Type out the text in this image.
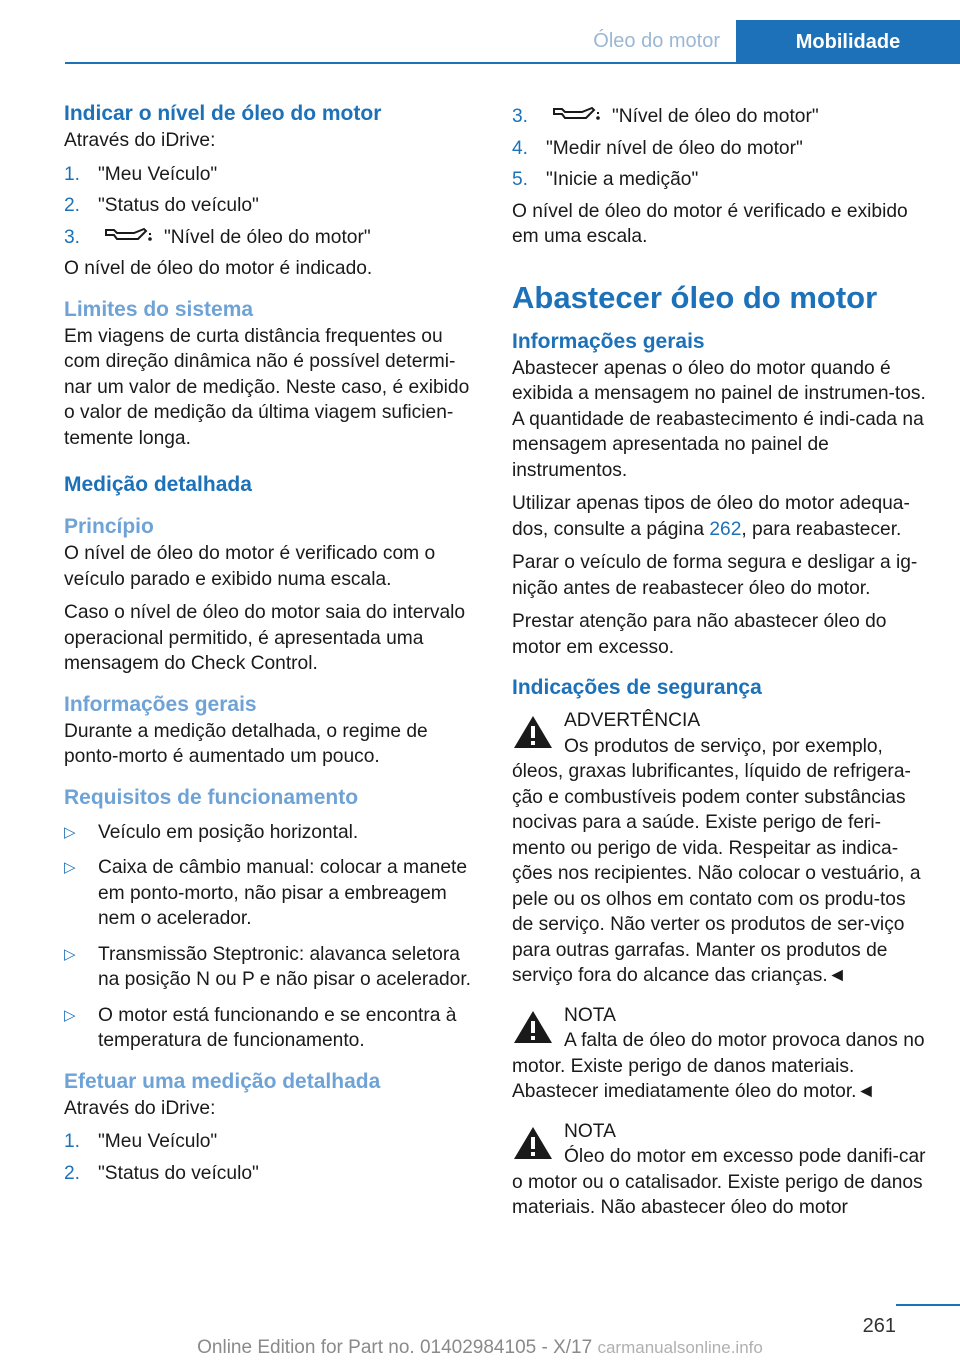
Óleo do motor	Mobilidade
Indicar o nível de óleo do motor

Através do iDrive:

1. "Meu Veículo"
2. "Status do veículo"
3.	"Nível de óleo do motor"

O nível de óleo do motor é indicado.

Limites do sistema

Em viagens de curta distância frequentes ou com direção dinâmica não é possível determi-nar um valor de medição. Neste caso, é exibido o valor de medição da última viagem suficien-temente longa.

Medição detalhada
Princípio

O nível de óleo do motor é verificado com o veículo parado e exibido numa escala.

Caso o nível de óleo do motor saia do intervalo operacional permitido, é apresentada uma mensagem do Check Control.

Informações gerais

Durante a medição detalhada, o regime de ponto-morto é aumentado um pouco.

Requisitos de funcionamento
▷	Veículo em posição horizontal.
▷	Caixa de câmbio manual: colocar a manete em ponto-morto, não pisar a embreagem nem o acelerador.
▷	Transmissão Steptronic: alavanca seletora na posição N ou P e não pisar o acelerador.
▷	O motor está funcionando e se encontra à temperatura de funcionamento.
Efetuar uma medição detalhada

Através do iDrive:

1. "Meu Veículo"
2. "Status do veículo"
3.	"Nível de óleo do motor"
4. "Medir nível de óleo do motor"
5. "Inicie a medição"

O nível de óleo do motor é verificado e exibido em uma escala.

Abastecer óleo do motor
Informações gerais

Abastecer apenas o óleo do motor quando é exibida a mensagem no painel de instrumen-tos. A quantidade de reabastecimento é indi-cada na mensagem apresentada no painel de instrumentos.

Utilizar apenas tipos de óleo do motor adequa-dos, consulte a página 262, para reabastecer.

Parar o veículo de forma segura e desligar a ig-nição antes de reabastecer óleo do motor.

Prestar atenção para não abastecer óleo do motor em excesso.

Indicações de segurança
ADVERTÊNCIA
Os produtos de serviço, por exemplo, óleos, graxas lubrificantes, líquido de refrigera-ção e combustíveis podem conter substâncias nocivas para a saúde. Existe perigo de feri-mento ou perigo de vida. Respeitar as indica-ções nos recipientes. Não colocar o vestuário, a pele ou os olhos em contato com os produ-tos de serviço. Não verter os produtos de ser-viço para outras garrafas. Manter os produtos de serviço fora do alcance das crianças.◄
NOTA
A falta de óleo do motor provoca danos no motor. Existe perigo de danos materiais. Abastecer imediatamente óleo do motor.◄
NOTA
Óleo do motor em excesso pode danifi-car o motor ou o catalisador. Existe perigo de danos materiais. Não abastecer óleo do motor
261
Online Edition for Part no. 01402984105 - X/17 carmanualsonline.info
